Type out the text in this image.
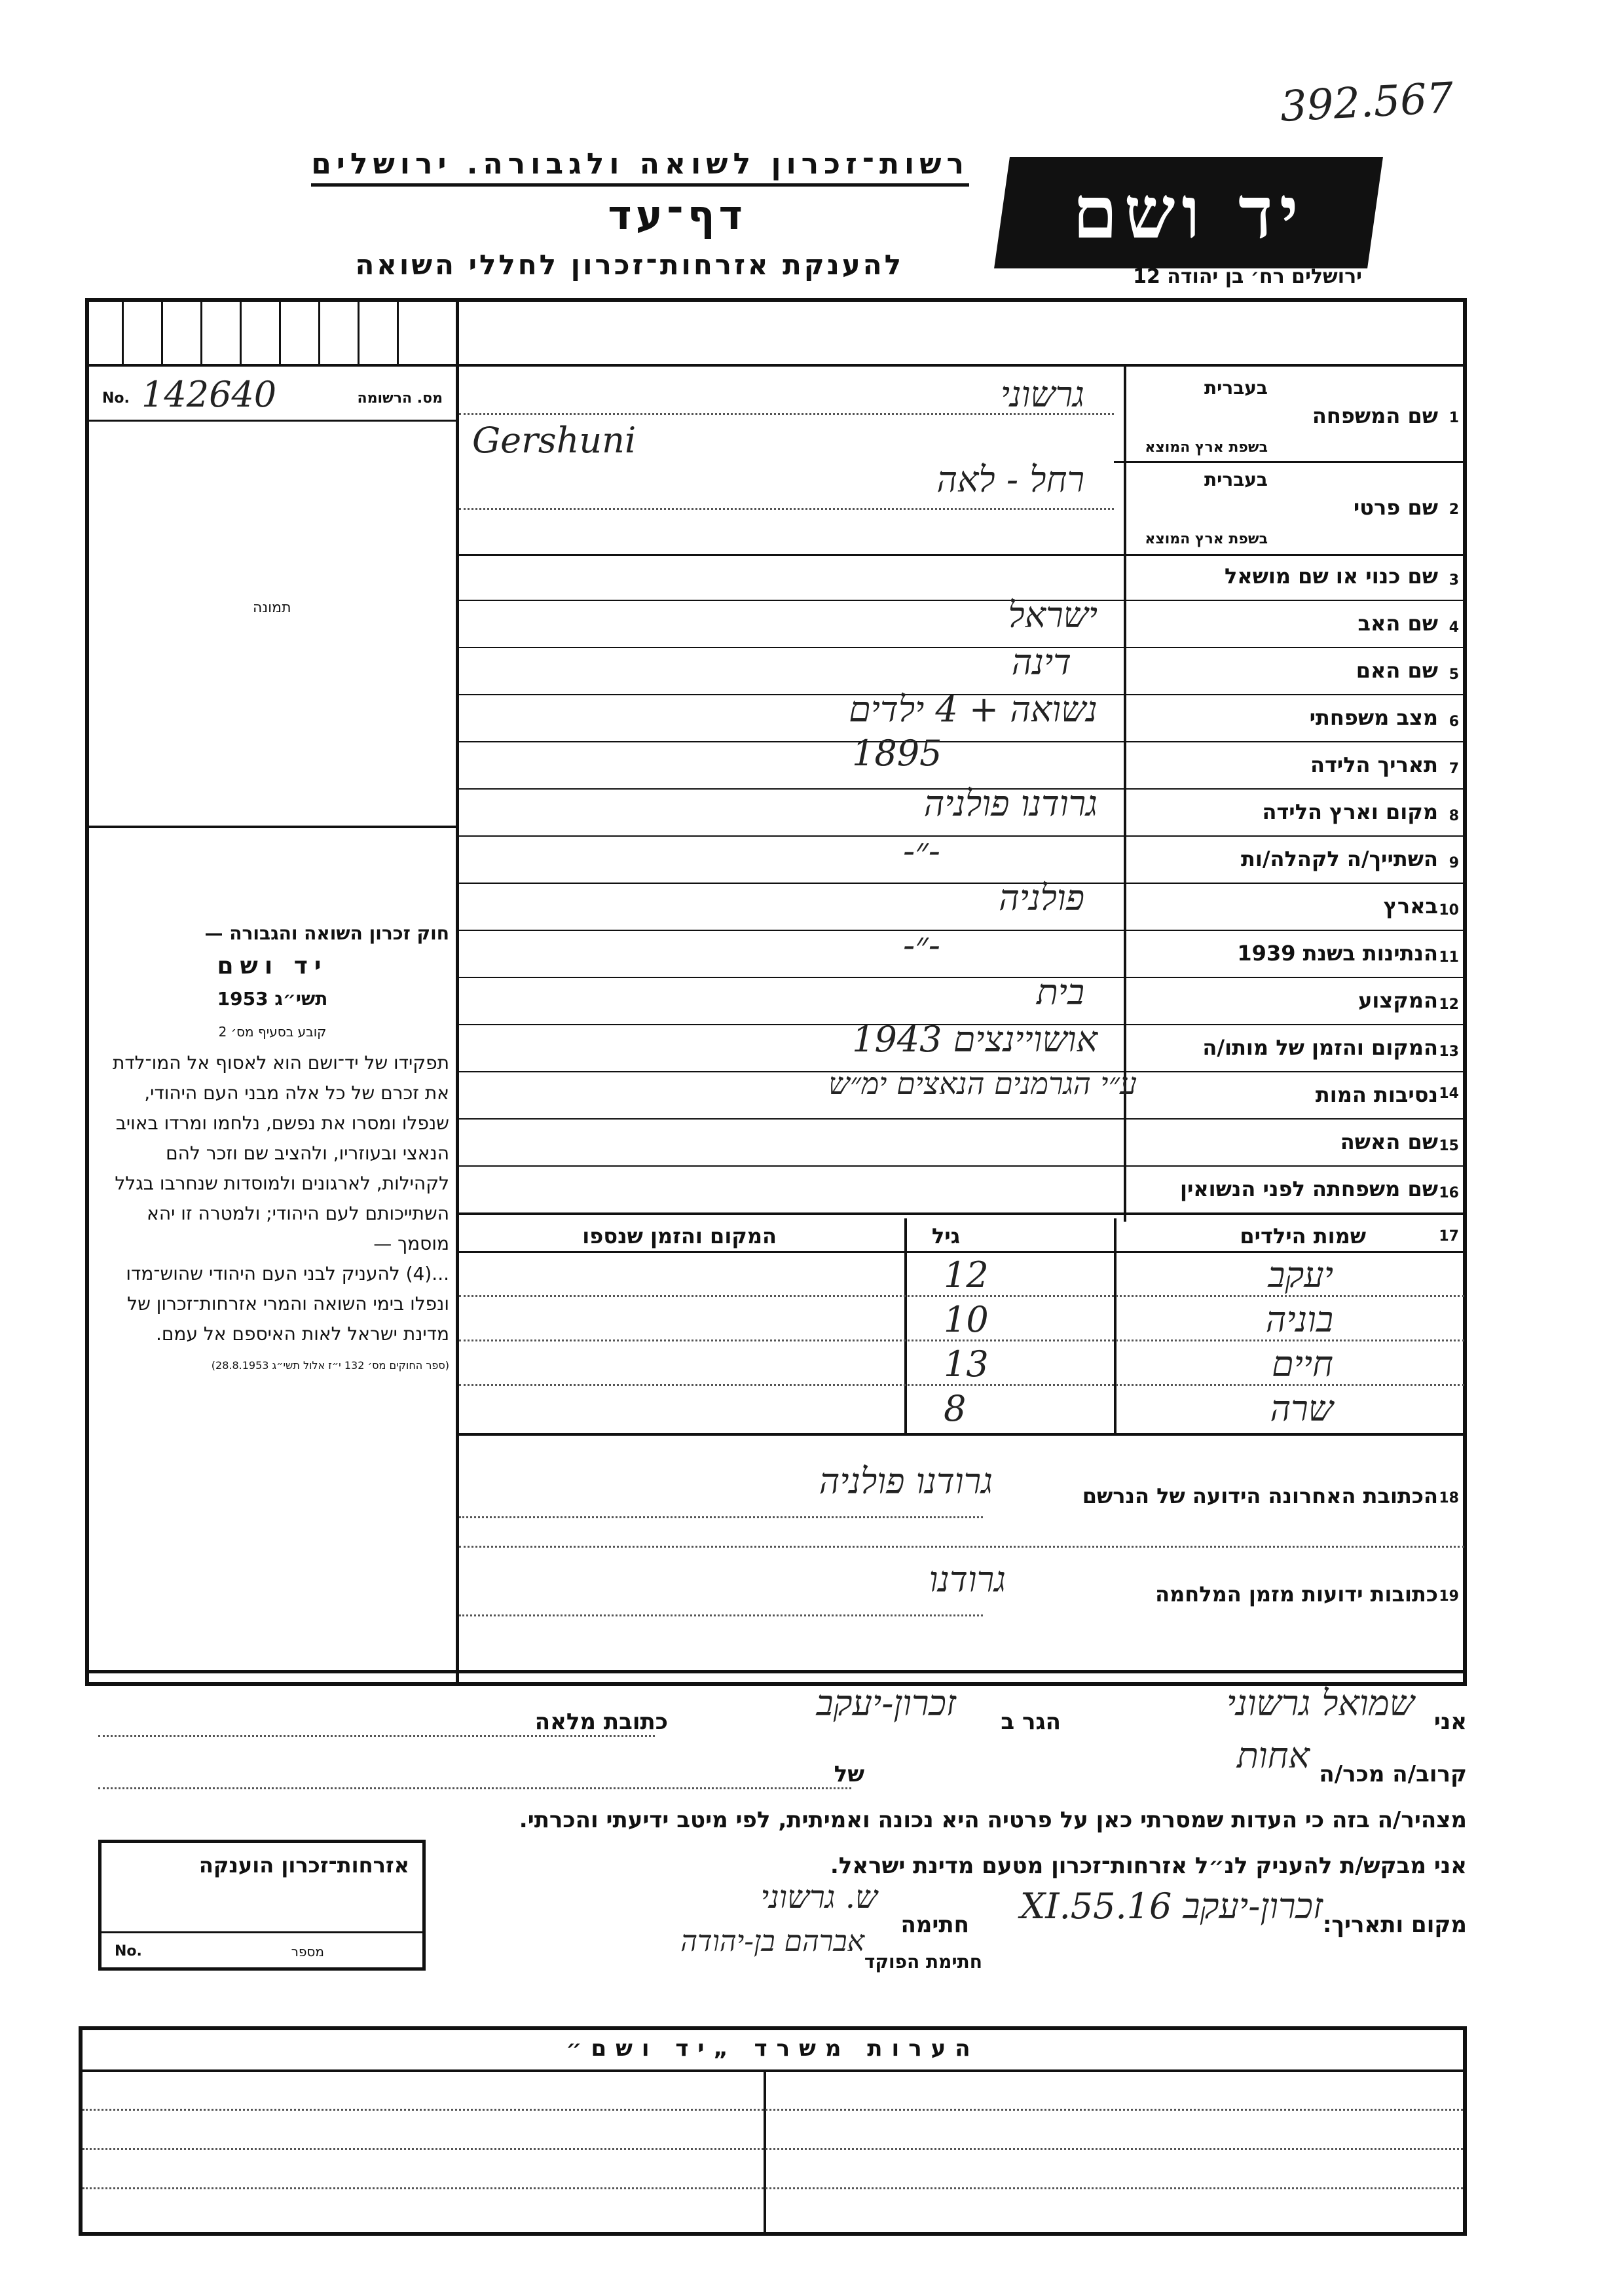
392.567
רשות־זכרון לשואה ולגבורה. ירושלים
דף־עד
להענקת אזרחות־זכרון לחללי השואה
יד ושם
ירושלים רח׳ בן יהודה 12
No. 142640	מס. הרשומה
תמונה
חוק זכרון השואה והגבורה —
יד ושם
תשי״ג 1953
קובע בסעיף מס׳ 2
תפקידו של יד־ושם הוא לאסוף אל המו־לדת את זכרם של כל אלה מבני העם היהודי, שנפלו ומסרו את נפשם, נלחמו ומרדו באויב הנאצי ובעוזריו, ולהציב שם וזכר להם לקהילות, לארגונים ולמוסדות שנחרבו בגלל השתייכותם לעם היהודי; ולמטרה זו יהא מוסמך —
...(4) להעניק לבני העם היהודי שהוש־מדו ונפלו בימי השואה והמרי אזרחות־זכרון של מדינת ישראל לאות האיספם אל עמם.
(ספר החוקים מס׳ 132 י״ז אלול תשי״ג 28.8.1953)
1
שם המשפחה
בעברית
בשפת ארץ המוצא
גרשוני
Gershuni
2
שם פרטי
בעברית
בשפת ארץ המוצא
רחל - לאה
3
שם כנוי או שם מושאל
4
שם האב
ישראל
5
שם האם
דינה
6
מצב משפחתי
נשואה + 4 ילדים
7
תאריך הלידה
1895
8
מקום וארץ הלידה
גרודנו פולניה
9
השתייך/ה לקהלה/ות
-״-
10
בארץ
פולניה
11
הנתינות בשנת 1939
-״-
12
המקצוע
בית
13
המקום והזמן של מותו/ה
אושויינצים 1943
14
נסיבות המות
ע״י הגרמנים הנאצים ימ״ש
15
שם האשה
16
שם משפחתה לפני הנשואין
17
שמות הילדים
גיל
המקום והזמן שנספו
יעקב
12
בוניה
10
חיים
13
שרה
8
18
הכתובת האחרונה הידועה של הנרשם
גרודנו פולניה
19
כתובות ידועות מזמן המלחמה
גרודנו
אני
שמואל גרשוני
הגר ב
זכרון-יעקב
כתובת מלאה
קרוב/ה מכר/ה
אחות
של
מצהיר/ה בזה כי העדות שמסרתי כאן על פרטיה היא נכונה ואמיתית, לפי מיטב ידיעתי והכרתי.
אני מבקש/ת להעניק לנ״ל אזרחות־זכרון מטעם מדינת ישראל.
מקום ותאריך:
זכרון-יעקב 16.XI.55
חתימה
ש. גרשוני
חתימת הפוקד
אברהם בן-יהודה
אזרחות־זכרון הוענקה
No.	מספר
הערות משרד „יד ושם״
